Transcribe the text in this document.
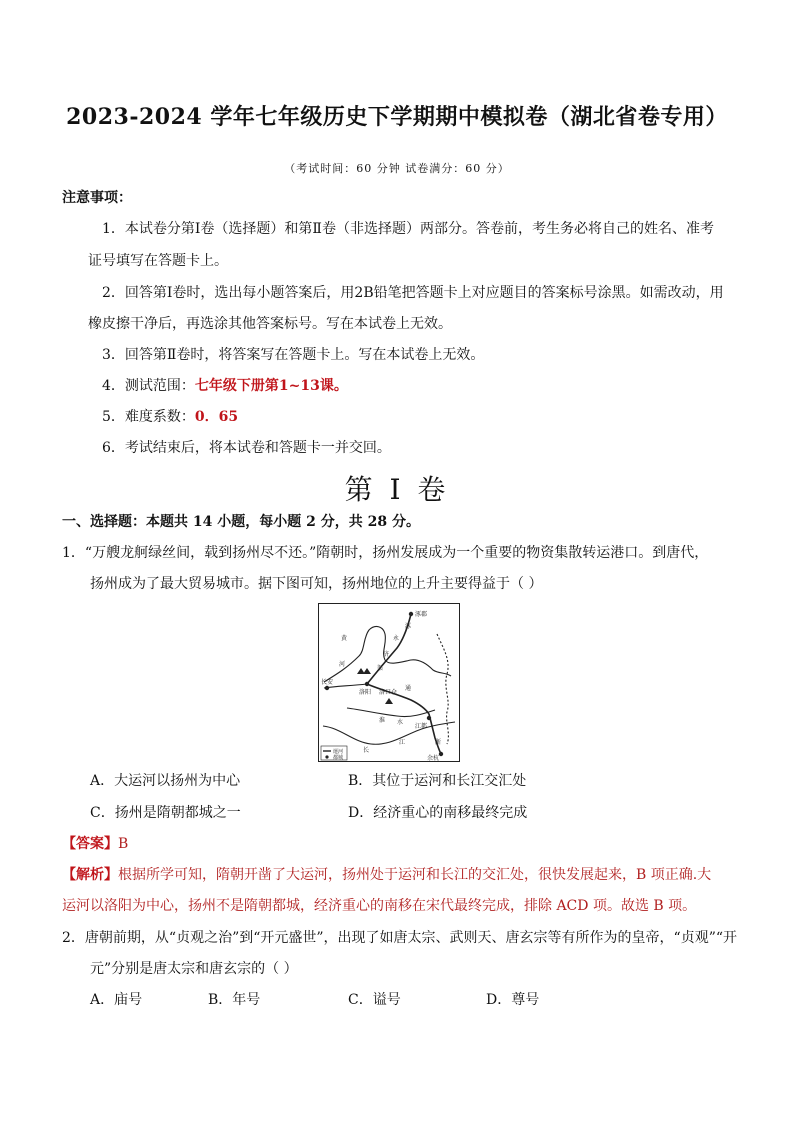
2023-2024 学年七年级历史下学期期中模拟卷（湖北省卷专用）
（考试时间：60 分钟 试卷满分：60 分）
注意事项：
1．本试卷分第Ⅰ卷（选择题）和第Ⅱ卷（非选择题）两部分。答卷前，考生务必将自己的姓名、准考
证号填写在答题卡上。
2．回答第Ⅰ卷时，选出每小题答案后，用2B铅笔把答题卡上对应题目的答案标号涂黑。如需改动，用
橡皮擦干净后，再选涂其他答案标号。写在本试卷上无效。
3．回答第Ⅱ卷时，将答案写在答题卡上。写在本试卷上无效。
4．测试范围：七年级下册第1~13课。
5．难度系数：0．65
6．考试结束后，将本试卷和答题卡一并交回。
第 I 卷
一、选择题：本题共 14 小题，每小题 2 分，共 28 分。
1．“万艘龙舸绿丝间，载到扬州尽不还。”隋朝时，扬州发展成为一个重要的物资集散转运港口。到唐代，
扬州成为了最大贸易城市。据下图可知，扬州地位的上升主要得益于（ ）
涿郡
黄
河
长安
洛阳 洛口仓
余杭
江都
长
江
永
济
渠
通
淮 水
涿
浙
運河
都城
A．大运河以扬州为中心	B．其位于运河和长江交汇处
C．扬州是隋朝都城之一	D．经济重心的南移最终完成
【答案】B
【解析】根据所学可知，隋朝开凿了大运河，扬州处于运河和长江的交汇处，很快发展起来，B 项正确.大
运河以洛阳为中心，扬州不是隋朝都城，经济重心的南移在宋代最终完成，排除 ACD 项。故选 B 项。
2．唐朝前期，从“贞观之治”到“开元盛世”，出现了如唐太宗、武则天、唐玄宗等有所作为的皇帝，“贞观”“开
元”分别是唐太宗和唐玄宗的（ ）
A．庙号	B．年号	C．谥号	D．尊号
